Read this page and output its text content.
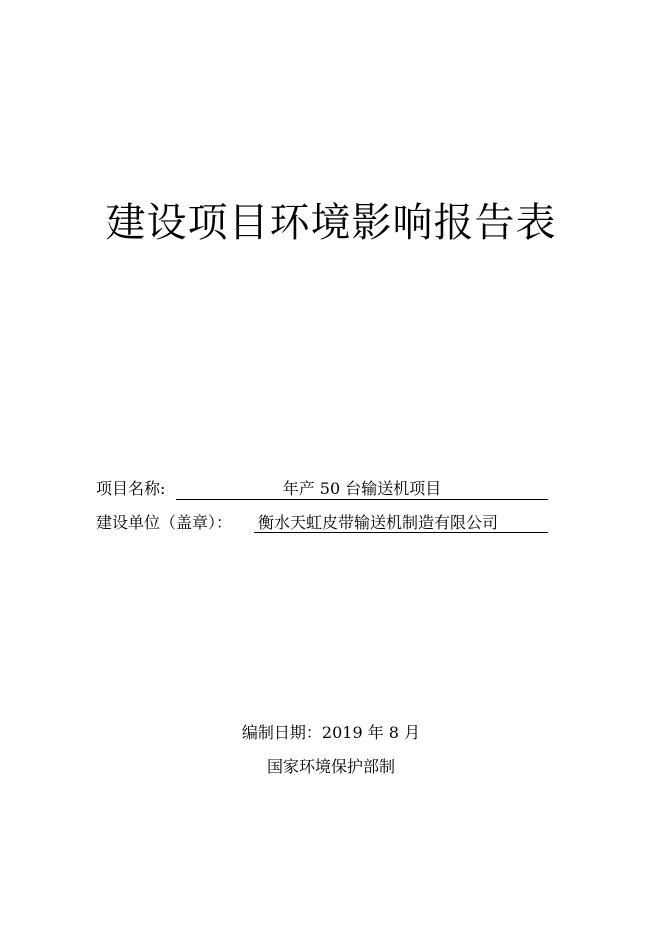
建设项目环境影响报告表
项目名称:	年产 50 台输送机项目
建设单位（盖章）： 衡水天虹皮带输送机制造有限公司
编制日期：2019 年 8 月
国家环境保护部制
